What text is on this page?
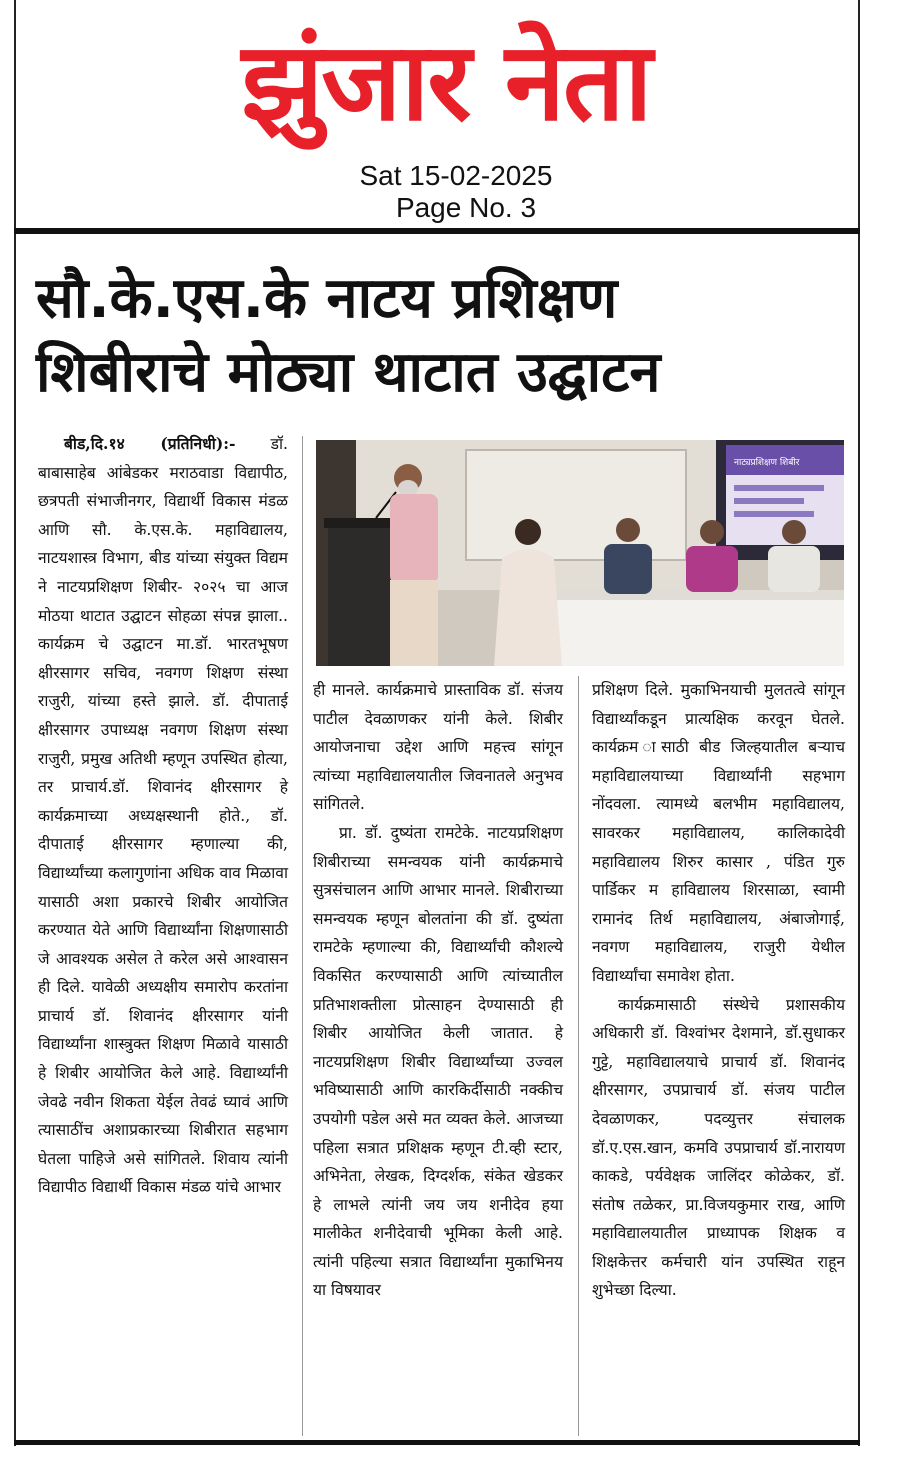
झुंजार नेता
Sat 15-02-2025
Page No. 3
सौ.के.एस.के नाटय प्रशिक्षण
शिबीराचे मोठ्या थाटात उद्घाटन
नाट्यप्रशिक्षण शिबीर

बीड,दि.१४ (प्रतिनिधी):- डॉ. बाबासाहेब आंबेडकर मराठवाडा विद्यापीठ, छत्रपती संभाजीनगर, विद्यार्थी विकास मंडळ आणि सौ. के.एस.के. महाविद्यालय, नाटयशास्त्र विभाग, बीड यांच्या संयुक्त विद्यम ने नाटयप्रशिक्षण शिबीर- २०२५ चा आज मोठया थाटात उद्घाटन सोहळा संपन्न झाला.. कार्यक्रम चे उद्घाटन मा.डॉ. भारतभूषण क्षीरसागर सचिव, नवगण शिक्षण संस्था राजुरी, यांच्या हस्ते झाले. डॉ. दीपाताई क्षीरसागर उपाध्यक्ष नवगण शिक्षण संस्था राजुरी, प्रमुख अतिथी म्हणून उपस्थित होत्या, तर प्राचार्य.डॉ. शिवानंद क्षीरसागर हे कार्यक्रमाच्या अध्यक्षस्थानी होते., डॉ. दीपाताई क्षीरसागर म्हणाल्या की, विद्यार्थ्यांच्या कलागुणांना अधिक वाव मिळावा यासाठी अशा प्रकारचे शिबीर आयोजित करण्यात येते आणि विद्यार्थ्यांना शिक्षणासाठी जे आवश्यक असेल ते करेल असे आश्वासन ही दिले. यावेळी अध्यक्षीय समारोप करतांना प्राचार्य डॉ. शिवानंद क्षीरसागर यांनी विद्यार्थ्यांना शास्त्रुक्त शिक्षण मिळावे यासाठी हे शिबीर आयोजित केले आहे. विद्यार्थ्यांनी जेवढे नवीन शिकता येईल तेवढं घ्यावं आणि त्यासाठींच अशाप्रकारच्या शिबीरात सहभाग घेतला पाहिजे असे सांगितले. शिवाय त्यांनी विद्यापीठ विद्यार्थी विकास मंडळ यांचे आभार

ही मानले. कार्यक्रमाचे प्रास्ताविक डॉ. संजय पाटील देवळाणकर यांनी केले. शिबीर आयोजनाचा उद्देश आणि महत्त्व सांगून त्यांच्या महाविद्यालयातील जिवनातले अनुभव सांगितले.

प्रा. डॉ. दुष्यंता रामटेके. नाटयप्रशिक्षण शिबीराच्या समन्वयक यांनी कार्यक्रमाचे सुत्रसंचालन आणि आभार मानले. शिबीराच्या समन्वयक म्हणून बोलतांना की डॉ. दुष्यंता रामटेके म्हणाल्या की, विद्यार्थ्यांची कौशल्ये विकसित करण्यासाठी आणि त्यांच्यातील प्रतिभाशक्तीला प्रोत्साहन देण्यासाठी ही शिबीर आयोजित केली जातात. हे नाटयप्रशिक्षण शिबीर विद्यार्थ्यांच्या उज्वल भविष्यासाठी आणि कारकिर्दीसाठी नक्कीच उपयोगी पडेल असे मत व्यक्त केले. आजच्या पहिला सत्रात प्रशिक्षक म्हणून टी.व्ही स्टार, अभिनेता, लेखक, दिग्दर्शक, संकेत खेडकर हे लाभले त्यांनी जय जय शनीदेव हया मालीकेत शनीदेवाची भूमिका केली आहे. त्यांनी पहिल्या सत्रात विद्यार्थ्यांना मुकाभिनय या विषयावर

प्रशिक्षण दिले. मुकाभिनयाची मुलतत्वे सांगून विद्यार्थ्यांकडून प्रात्यक्षिक करवून घेतले. कार्यक्रम ासाठी बीड जिल्हयातील बऱ्याच महाविद्यालयाच्या विद्यार्थ्यांनी सहभाग नोंदवला. त्यामध्ये बलभीम महाविद्यालय, सावरकर महाविद्यालय, कालिकादेवी महाविद्यालय शिरुर कासार , पंडित गुरु पार्डिकर म हाविद्यालय शिरसाळा, स्वामी रामानंद तिर्थ महाविद्यालय, अंबाजोगाई, नवगण महाविद्यालय, राजुरी येथील विद्यार्थ्यांचा समावेश होता.

कार्यक्रमासाठी संस्थेचे प्रशासकीय अधिकारी डॉ. विश्वांभर देशमाने, डॉ.सुधाकर गुट्टे, महाविद्यालयाचे प्राचार्य डॉ. शिवानंद क्षीरसागर, उपप्राचार्य डॉ. संजय पाटील देवळाणकर, पदव्युत्तर संचालक डॉ.ए.एस.खान, कमवि उपप्राचार्य डॉ.नारायण काकडे, पर्यवेक्षक जालिंदर कोळेकर, डॉ. संतोष तळेकर, प्रा.विजयकुमार राख, आणि महाविद्यालयातील प्राध्यापक शिक्षक व शिक्षकेत्तर कर्मचारी यांन उपस्थित राहून शुभेच्छा दिल्या.
